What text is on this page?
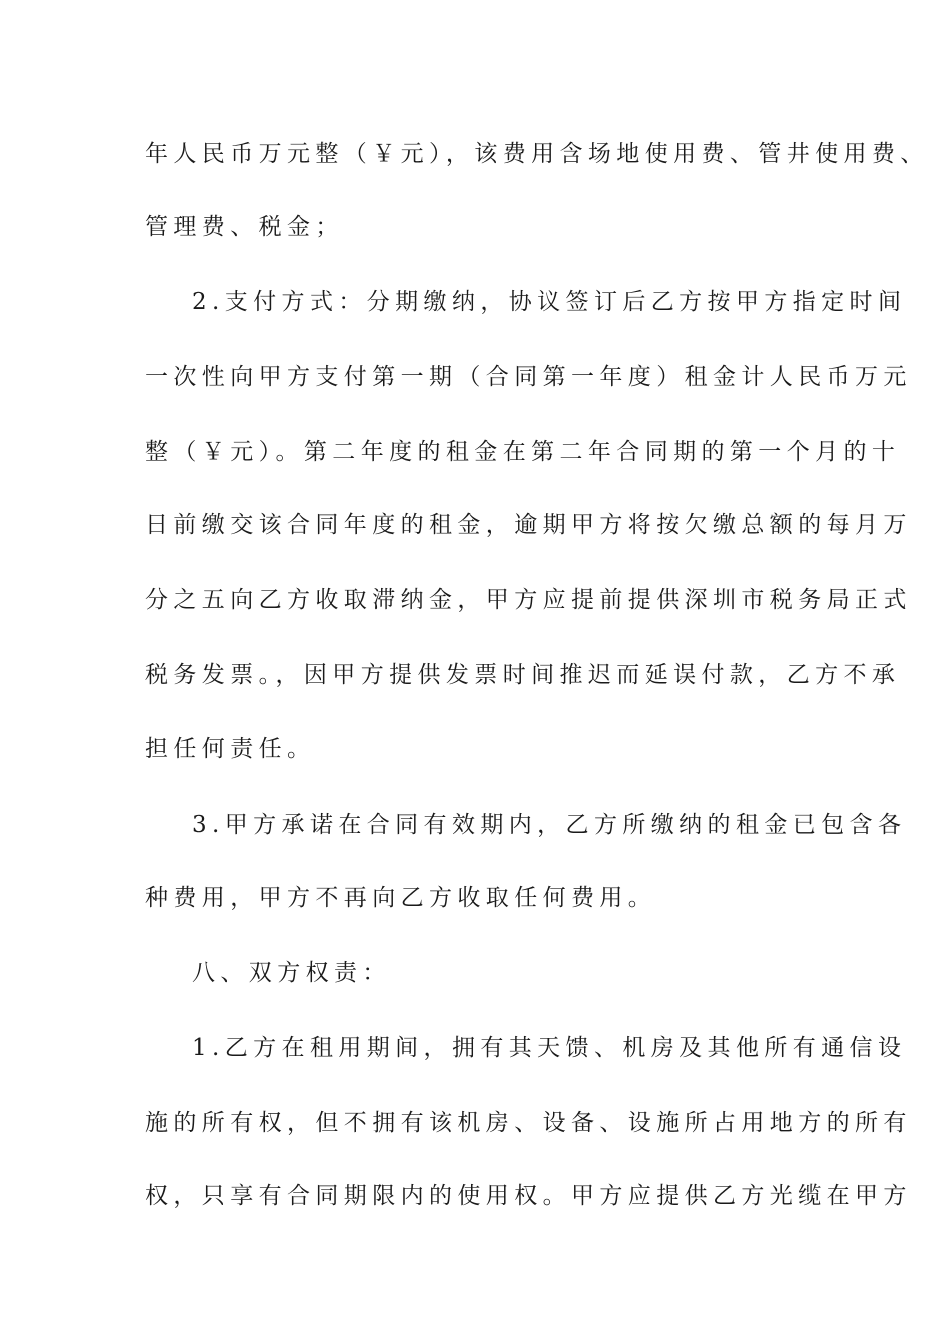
年人民币万元整（￥元），该费用含场地使用费、管井使用费、
管理费、税金；
2.支付方式：分期缴纳，协议签订后乙方按甲方指定时间
一次性向甲方支付第一期（合同第一年度）租金计人民币万元
整（￥元）。第二年度的租金在第二年合同期的第一个月的十
日前缴交该合同年度的租金，逾期甲方将按欠缴总额的每月万
分之五向乙方收取滞纳金，甲方应提前提供深圳市税务局正式
税务发票。，因甲方提供发票时间推迟而延误付款，乙方不承
担任何责任。
3.甲方承诺在合同有效期内，乙方所缴纳的租金已包含各
种费用，甲方不再向乙方收取任何费用。
八、双方权责：
1.乙方在租用期间，拥有其天馈、机房及其他所有通信设
施的所有权，但不拥有该机房、设备、设施所占用地方的所有
权，只享有合同期限内的使用权。甲方应提供乙方光缆在甲方
